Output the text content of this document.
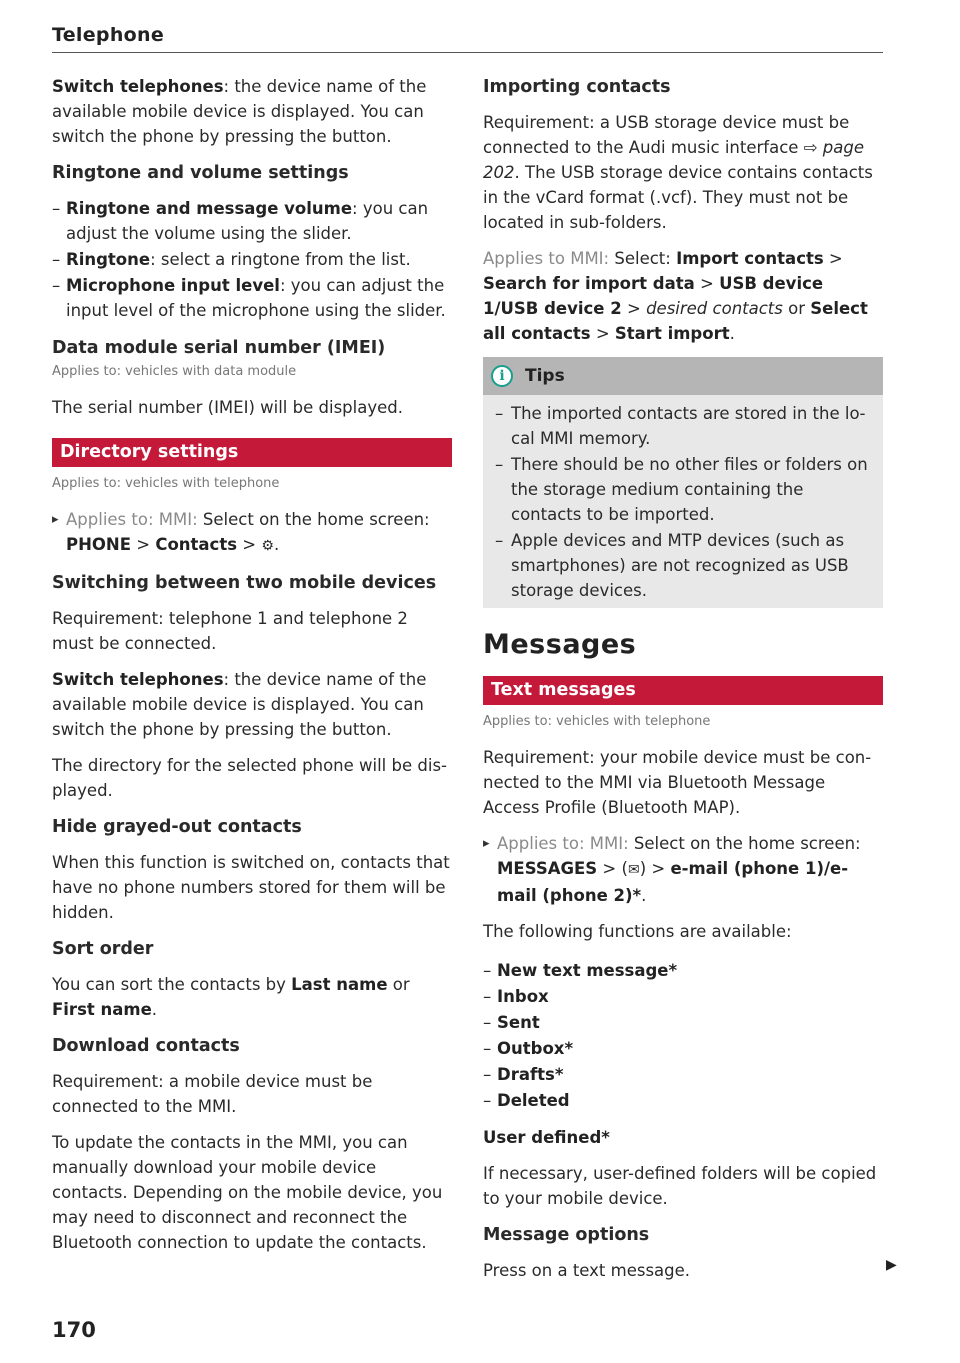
Telephone

Switch telephones: the device name of the available mobile device is displayed. You can switch the phone by pressing the button.

Ringtone and volume settings
– Ringtone and message volume: you can adjust the volume using the slider.
– Ringtone: select a ringtone from the list.
– Microphone input level: you can adjust the input level of the microphone using the slider.
Data module serial number (IMEI)
Applies to: vehicles with data module

The serial number (IMEI) will be displayed.

Directory settings
Applies to: vehicles with telephone
▸ Applies to: MMI: Select on the home screen:
PHONE > Contacts > ⚙.
Switching between two mobile devices

Requirement: telephone 1 and telephone 2 must be connected.

Switch telephones: the device name of the available mobile device is displayed. You can switch the phone by pressing the button.

The directory for the selected phone will be displayed.

Hide grayed-out contacts

When this function is switched on, contacts that have no phone numbers stored for them will be hidden.

Sort order

You can sort the contacts by Last name or First name.

Download contacts

Requirement: a mobile device must be connected to the MMI.

To update the contacts in the MMI, you can manually download your mobile device contacts. Depending on the mobile device, you may need to disconnect and reconnect the Bluetooth connection to update the contacts.

Importing contacts

Requirement: a USB storage device must be connected to the Audi music interface ⇨ page 202. The USB storage device contains contacts in the vCard format (.vcf). They must not be located in sub-folders.

Applies to MMI: Select: Import contacts > Search for import data > USB device 1/USB device 2 > desired contacts or Select all contacts > Start import.

i	Tips
– The imported contacts are stored in the local MMI memory.
– There should be no other files or folders on the storage medium containing the contacts to be imported.
– Apple devices and MTP devices (such as smartphones) are not recognized as USB storage devices.
Messages
Text messages
Applies to: vehicles with telephone

Requirement: your mobile device must be connected to the MMI via Bluetooth Message Access Profile (Bluetooth MAP).

▸ Applies to: MMI: Select on the home screen:
MESSAGES > (✉) > e-mail (phone 1)/e-mail (phone 2)*.

The following functions are available:

– New text message*
– Inbox
– Sent
– Outbox*
– Drafts*
– Deleted

User defined*

If necessary, user-defined folders will be copied to your mobile device.

Message options

Press on a text message.	▶
170
